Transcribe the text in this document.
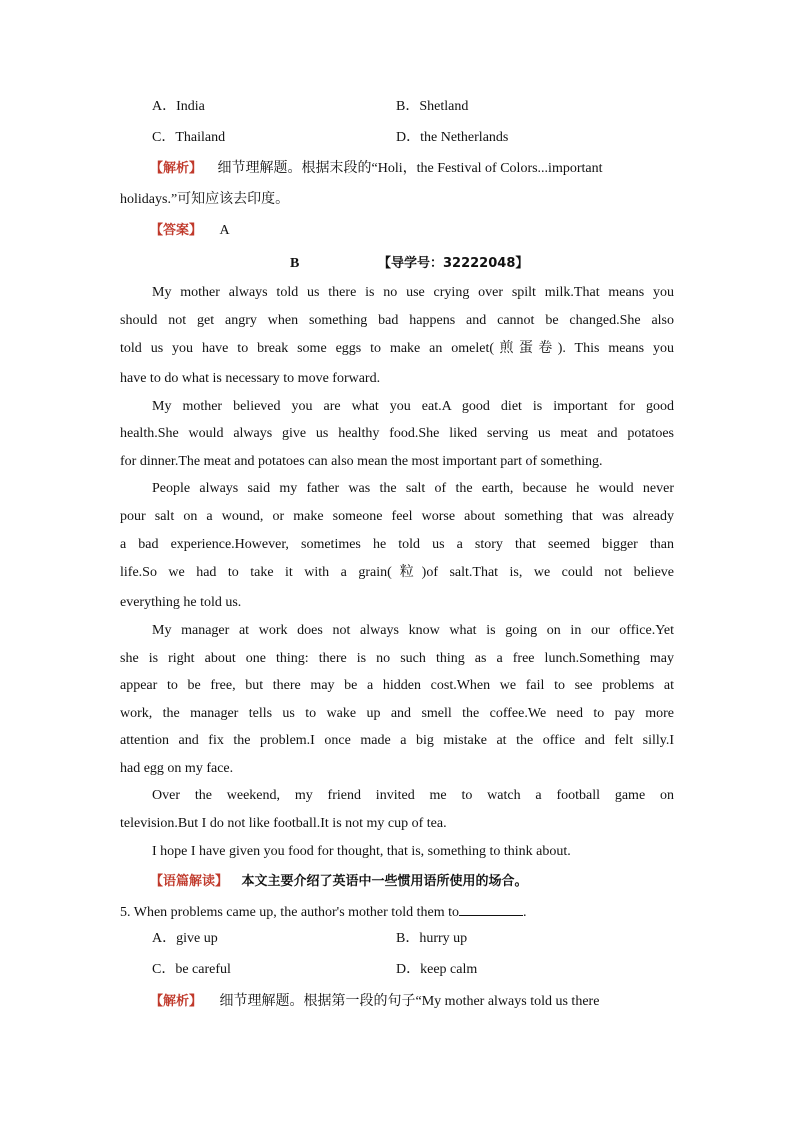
A．India	B．Shetland
C．Thailand	D．the Netherlands
【解析】 细节理解题。根据末段的“Holi，the Festival of Colors...important
holidays.”可知应该去印度。
【答案】 A
B	【导学号：32222048】
My mother always told us there is no use crying over spilt milk.That means you
should not get angry when something bad happens and cannot be changed.She also
told us you have to break some eggs to make an omelet(煎蛋卷). This means you
have to do what is necessary to move forward.
My mother believed you are what you eat.A good diet is important for good
health.She would always give us healthy food.She liked serving us meat and potatoes
for dinner.The meat and potatoes can also mean the most important part of something.
People always said my father was the salt of the earth, because he would never
pour salt on a wound, or make someone feel worse about something that was already
a bad experience.However, sometimes he told us a story that seemed bigger than
life.So we had to take it with a grain(粒)of salt.That is, we could not believe
everything he told us.
My manager at work does not always know what is going on in our office.Yet
she is right about one thing: there is no such thing as a free lunch.Something may
appear to be free, but there may be a hidden cost.When we fail to see problems at
work, the manager tells us to wake up and smell the coffee.We need to pay more
attention and fix the problem.I once made a big mistake at the office and felt silly.I
had egg on my face.
Over the weekend, my friend invited me to watch a football game on
television.But I do not like football.It is not my cup of tea.
I hope I have given you food for thought, that is, something to think about.
【语篇解读】 本文主要介绍了英语中一些惯用语所使用的场合。
5. When problems came up, the author's mother told them to	.
A．give up	B．hurry up
C．be careful	D．keep calm
【解析】 细节理解题。根据第一段的句子“My mother always told us there
